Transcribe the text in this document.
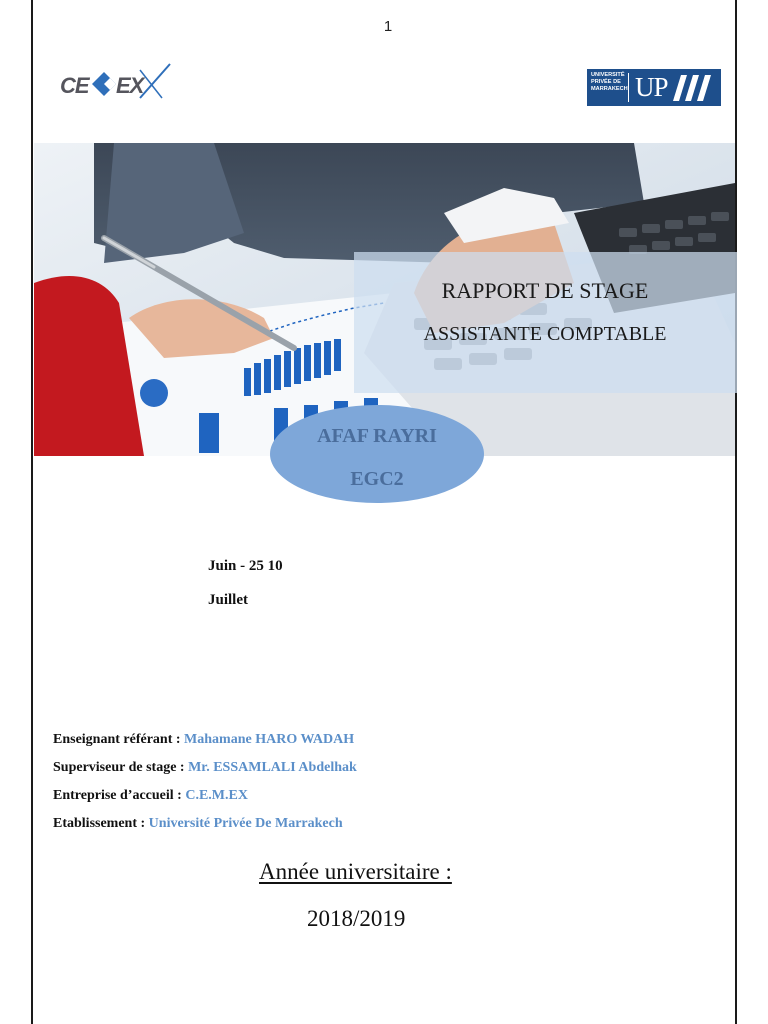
1
CE EX	UNIVERSITÉ PRIVÉE DE MARRAKECH UP
RAPPORT DE STAGE
ASSISTANTE COMPTABLE
AFAF RAYRI
EGC2
Juin - 25 10
Juillet
Enseignant référant : Mahamane HARO WADAH
Superviseur de stage : Mr. ESSAMLALI Abdelhak
Entreprise d’accueil : C.E.M.EX
Etablissement : Université Privée De Marrakech
Année universitaire :
2018/2019
